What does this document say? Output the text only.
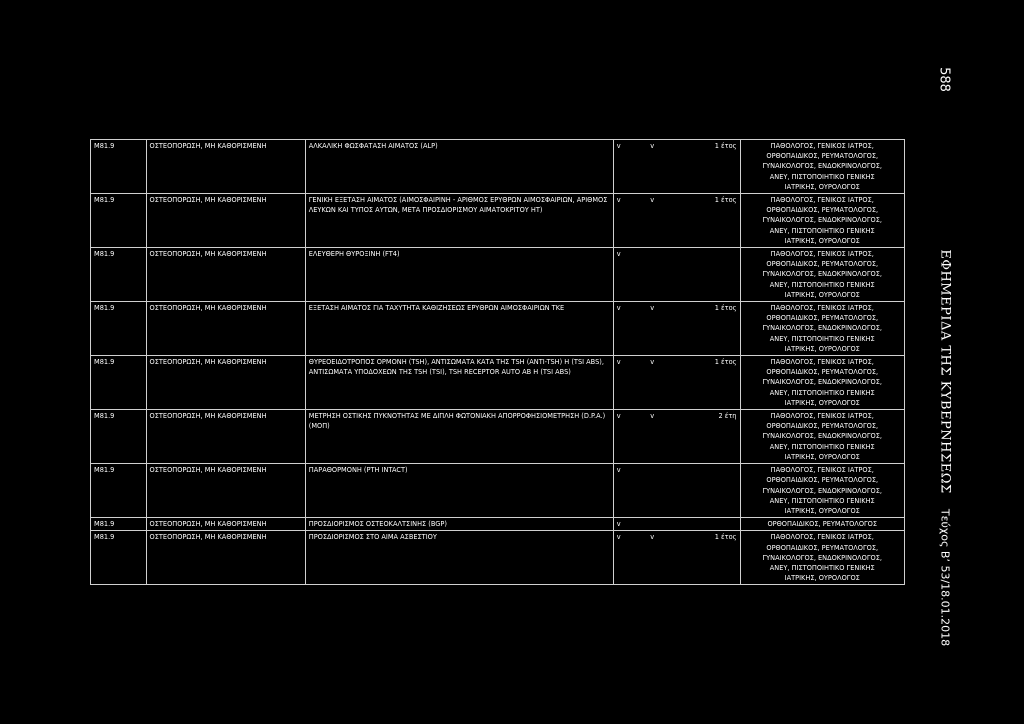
M81.9	ΟΣΤΕΟΠΟΡΩΣΗ, ΜΗ ΚΑΘΟΡΙΣΜΕΝΗ	ΑΛΚΑΛΙΚΗ ΦΩΣΦΑΤΑΣΗ ΑΙΜΑΤΟΣ (ALP)	v	v	1 έτος	ΠΑΘΟΛΟΓΟΣ, ΓΕΝΙΚΟΣ ΙΑΤΡΟΣ,
ΟΡΘΟΠΑΙΔΙΚΟΣ, ΡΕΥΜΑΤΟΛΟΓΟΣ,
ΓΥΝΑΙΚΟΛΟΓΟΣ, ΕΝΔΟΚΡΙΝΟΛΟΓΟΣ,
ΑΝΕΥ, ΠΙΣΤΟΠΟΙΗΤΙΚΟ ΓΕΝΙΚΗΣ
ΙΑΤΡΙΚΗΣ, ΟΥΡΟΛΟΓΟΣ

M81.9	ΟΣΤΕΟΠΟΡΩΣΗ, ΜΗ ΚΑΘΟΡΙΣΜΕΝΗ	ΓΕΝΙΚΗ ΕΞΕΤΑΣΗ ΑΙΜΑΤΟΣ (ΑΙΜΟΣΦΑΙΡΙΝΗ - ΑΡΙΘΜΟΣ ΕΡΥΘΡΩΝ ΑΙΜΟΣΦΑΙΡΙΩΝ, ΑΡΙΘΜΟΣ ΛΕΥΚΩΝ ΚΑΙ ΤΥΠΟΣ ΑΥΤΩΝ, ΜΕΤΑ ΠΡΟΣΔΙΟΡΙΣΜΟΥ ΑΙΜΑΤΟΚΡΙΤΟΥ HT)	v	v	1 έτος	ΠΑΘΟΛΟΓΟΣ, ΓΕΝΙΚΟΣ ΙΑΤΡΟΣ,
ΟΡΘΟΠΑΙΔΙΚΟΣ, ΡΕΥΜΑΤΟΛΟΓΟΣ,
ΓΥΝΑΙΚΟΛΟΓΟΣ, ΕΝΔΟΚΡΙΝΟΛΟΓΟΣ,
ΑΝΕΥ, ΠΙΣΤΟΠΟΙΗΤΙΚΟ ΓΕΝΙΚΗΣ
ΙΑΤΡΙΚΗΣ, ΟΥΡΟΛΟΓΟΣ

M81.9	ΟΣΤΕΟΠΟΡΩΣΗ, ΜΗ ΚΑΘΟΡΙΣΜΕΝΗ	ΕΛΕΥΘΕΡΗ ΘΥΡΟΞΙΝΗ (FT4)	v			ΠΑΘΟΛΟΓΟΣ, ΓΕΝΙΚΟΣ ΙΑΤΡΟΣ,
ΟΡΘΟΠΑΙΔΙΚΟΣ, ΡΕΥΜΑΤΟΛΟΓΟΣ,
ΓΥΝΑΙΚΟΛΟΓΟΣ, ΕΝΔΟΚΡΙΝΟΛΟΓΟΣ,
ΑΝΕΥ, ΠΙΣΤΟΠΟΙΗΤΙΚΟ ΓΕΝΙΚΗΣ
ΙΑΤΡΙΚΗΣ, ΟΥΡΟΛΟΓΟΣ

M81.9	ΟΣΤΕΟΠΟΡΩΣΗ, ΜΗ ΚΑΘΟΡΙΣΜΕΝΗ	ΕΞΕΤΑΣΗ ΑΙΜΑΤΟΣ ΓΙΑ ΤΑΧΥΤΗΤΑ ΚΑΘΙΖΗΣΕΩΣ ΕΡΥΘΡΩΝ ΑΙΜΟΣΦΑΙΡΙΩΝ ΤΚΕ	v	v	1 έτος	ΠΑΘΟΛΟΓΟΣ, ΓΕΝΙΚΟΣ ΙΑΤΡΟΣ,
ΟΡΘΟΠΑΙΔΙΚΟΣ, ΡΕΥΜΑΤΟΛΟΓΟΣ,
ΓΥΝΑΙΚΟΛΟΓΟΣ, ΕΝΔΟΚΡΙΝΟΛΟΓΟΣ,
ΑΝΕΥ, ΠΙΣΤΟΠΟΙΗΤΙΚΟ ΓΕΝΙΚΗΣ
ΙΑΤΡΙΚΗΣ, ΟΥΡΟΛΟΓΟΣ

M81.9	ΟΣΤΕΟΠΟΡΩΣΗ, ΜΗ ΚΑΘΟΡΙΣΜΕΝΗ	ΘΥΡΕΟΕΙΔΟΤΡΟΠΟΣ ΟΡΜΟΝΗ (TSH), ΑΝΤΙΣΩΜΑΤΑ ΚΑΤΑ ΤΗΣ TSH (ANTI-TSH) Η (TSI ABS), ΑΝΤΙΣΩΜΑΤΑ ΥΠΟΔΟΧΕΩΝ ΤΗΣ TSH (TSI), TSH RECEPTOR AUTO AB Η (TSI ABS)	v	v	1 έτος	ΠΑΘΟΛΟΓΟΣ, ΓΕΝΙΚΟΣ ΙΑΤΡΟΣ,
ΟΡΘΟΠΑΙΔΙΚΟΣ, ΡΕΥΜΑΤΟΛΟΓΟΣ,
ΓΥΝΑΙΚΟΛΟΓΟΣ, ΕΝΔΟΚΡΙΝΟΛΟΓΟΣ,
ΑΝΕΥ, ΠΙΣΤΟΠΟΙΗΤΙΚΟ ΓΕΝΙΚΗΣ
ΙΑΤΡΙΚΗΣ, ΟΥΡΟΛΟΓΟΣ

M81.9	ΟΣΤΕΟΠΟΡΩΣΗ, ΜΗ ΚΑΘΟΡΙΣΜΕΝΗ	ΜΕΤΡΗΣΗ ΟΣΤΙΚΗΣ ΠΥΚΝΟΤΗΤΑΣ ΜΕ ΔΙΠΛΗ ΦΩΤΟΝΙΑΚΗ ΑΠΟΡΡΟΦΗΣΙΟΜΕΤΡΗΣΗ (D.P.A.) (ΜΟΠ)	v	v	2 έτη	ΠΑΘΟΛΟΓΟΣ, ΓΕΝΙΚΟΣ ΙΑΤΡΟΣ,
ΟΡΘΟΠΑΙΔΙΚΟΣ, ΡΕΥΜΑΤΟΛΟΓΟΣ,
ΓΥΝΑΙΚΟΛΟΓΟΣ, ΕΝΔΟΚΡΙΝΟΛΟΓΟΣ,
ΑΝΕΥ, ΠΙΣΤΟΠΟΙΗΤΙΚΟ ΓΕΝΙΚΗΣ
ΙΑΤΡΙΚΗΣ, ΟΥΡΟΛΟΓΟΣ

M81.9	ΟΣΤΕΟΠΟΡΩΣΗ, ΜΗ ΚΑΘΟΡΙΣΜΕΝΗ	ΠΑΡΑΘΟΡΜΟΝΗ (PTH INTACT)	v			ΠΑΘΟΛΟΓΟΣ, ΓΕΝΙΚΟΣ ΙΑΤΡΟΣ,
ΟΡΘΟΠΑΙΔΙΚΟΣ, ΡΕΥΜΑΤΟΛΟΓΟΣ,
ΓΥΝΑΙΚΟΛΟΓΟΣ, ΕΝΔΟΚΡΙΝΟΛΟΓΟΣ,
ΑΝΕΥ, ΠΙΣΤΟΠΟΙΗΤΙΚΟ ΓΕΝΙΚΗΣ
ΙΑΤΡΙΚΗΣ, ΟΥΡΟΛΟΓΟΣ

M81.9	ΟΣΤΕΟΠΟΡΩΣΗ, ΜΗ ΚΑΘΟΡΙΣΜΕΝΗ	ΠΡΟΣΔΙΟΡΙΣΜΟΣ ΟΣΤΕΟΚΑΛΤΣΙΝΗΣ (BGP)	v			ΟΡΘΟΠΑΙΔΙΚΟΣ, ΡΕΥΜΑΤΟΛΟΓΟΣ

M81.9	ΟΣΤΕΟΠΟΡΩΣΗ, ΜΗ ΚΑΘΟΡΙΣΜΕΝΗ	ΠΡΟΣΔΙΟΡΙΣΜΟΣ ΣΤΟ ΑΙΜΑ ΑΣΒΕΣΤΙΟΥ	v	v	1 έτος	ΠΑΘΟΛΟΓΟΣ, ΓΕΝΙΚΟΣ ΙΑΤΡΟΣ,
ΟΡΘΟΠΑΙΔΙΚΟΣ, ΡΕΥΜΑΤΟΛΟΓΟΣ,
ΓΥΝΑΙΚΟΛΟΓΟΣ, ΕΝΔΟΚΡΙΝΟΛΟΓΟΣ,
ΑΝΕΥ, ΠΙΣΤΟΠΟΙΗΤΙΚΟ ΓΕΝΙΚΗΣ
ΙΑΤΡΙΚΗΣ, ΟΥΡΟΛΟΓΟΣ
588
ΕΦΗΜΕΡΙΔΑ ΤΗΣ ΚΥΒΕΡΝΗΣΕΩΣ
Τεύχος Β’ 53/18.01.2018
